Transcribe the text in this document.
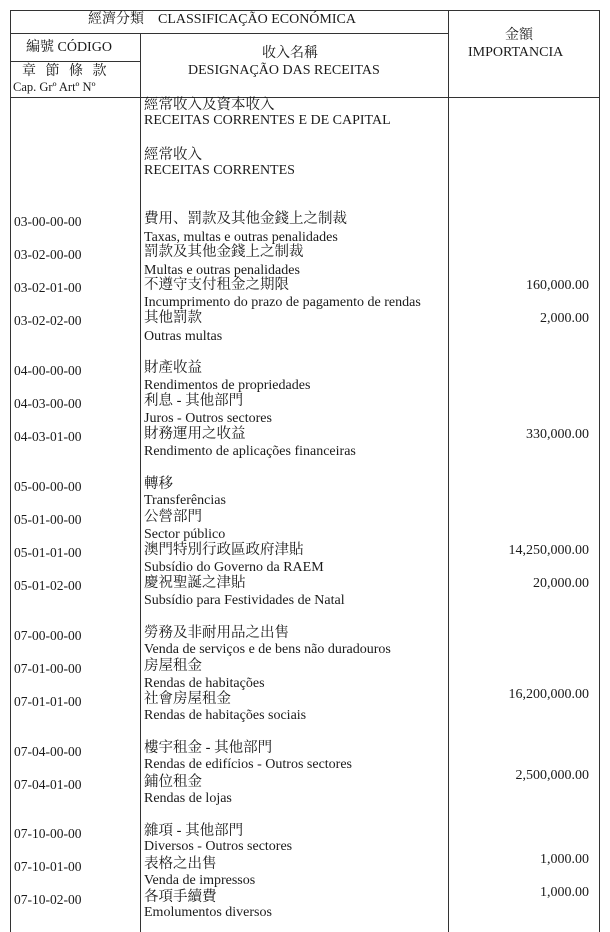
經濟分類　CLASSIFICAÇÃO ECONÓMICA
編號 CÓDIGO
章 節 條 款
Cap. Grº Artº Nº
收入名稱
DESIGNAÇÃO DAS RECEITAS
金額
IMPORTANCIA
經常收入及資本收入
RECEITAS CORRENTES E DE CAPITAL
經常收入
RECEITAS CORRENTES
03-00-00-00	費用、罰款及其他金錢上之制裁
Taxas, multas e outras penalidades
03-02-00-00	罰款及其他金錢上之制裁
Multas e outras penalidades
03-02-01-00	不遵守支付租金之期限
Incumprimento do prazo de pagamento de rendas
160,000.00
03-02-02-00	其他罰款
Outras multas
2,000.00
04-00-00-00	財產收益
Rendimentos de propriedades
04-03-00-00	利息 - 其他部門
Juros - Outros sectores
04-03-01-00	財務運用之收益
Rendimento de aplicações financeiras
330,000.00
05-00-00-00	轉移
Transferências
05-01-00-00	公營部門
Sector público
05-01-01-00	澳門特別行政區政府津貼
Subsídio do Governo da RAEM
14,250,000.00
05-01-02-00	慶祝聖誕之津貼
Subsídio para Festividades de Natal
20,000.00
07-00-00-00	勞務及非耐用品之出售
Venda de serviços e de bens não duradouros
07-01-00-00	房屋租金
Rendas de habitações
07-01-01-00	社會房屋租金
Rendas de habitações sociais
16,200,000.00
07-04-00-00	樓宇租金 - 其他部門
Rendas de edifícios - Outros sectores
07-04-01-00	鋪位租金
Rendas de lojas
2,500,000.00
07-10-00-00	雜項 - 其他部門
Diversos - Outros sectores
07-10-01-00	表格之出售
Venda de impressos
1,000.00
07-10-02-00	各項手續費
Emolumentos diversos
1,000.00
